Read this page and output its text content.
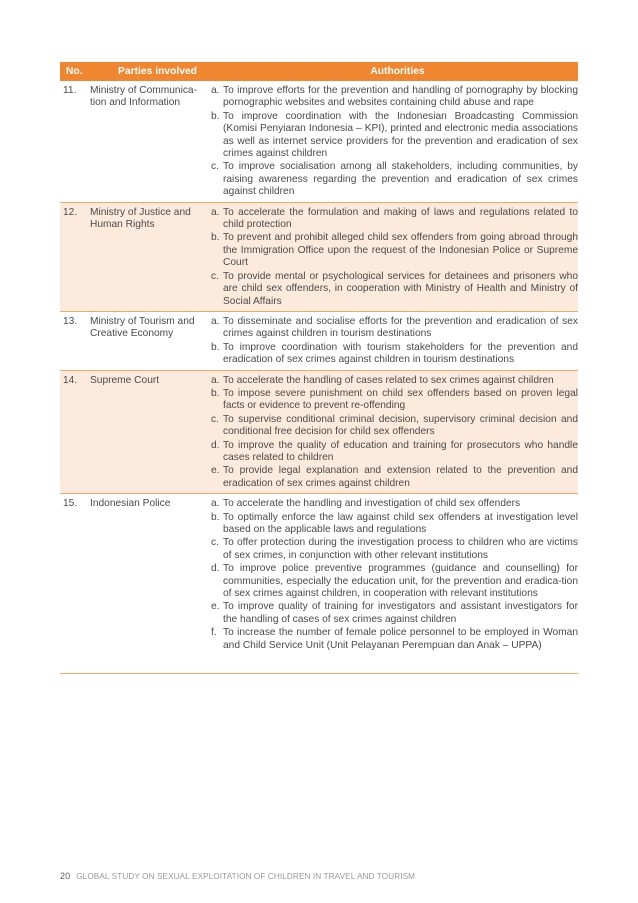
No.	Parties involved	Authorities
11.	Ministry of Communica-tion and Information
a. To improve efforts for the prevention and handling of pornography by blocking pornographic websites and websites containing child abuse and rape
b. To improve coordination with the Indonesian Broadcasting Commission (Komisi Penyiaran Indonesia – KPI), printed and electronic media associations as well as internet service providers for the prevention and eradication of sex crimes against children
c. To improve socialisation among all stakeholders, including communities, by raising awareness regarding the prevention and eradication of sex crimes against children
12.	Ministry of Justice and Human Rights
a. To accelerate the formulation and making of laws and regulations related to child protection
b. To prevent and prohibit alleged child sex offenders from going abroad through the Immigration Office upon the request of the Indonesian Police or Supreme Court
c. To provide mental or psychological services for detainees and prisoners who are child sex offenders, in cooperation with Ministry of Health and Ministry of Social Affairs
13.	Ministry of Tourism and Creative Economy
a. To disseminate and socialise efforts for the prevention and eradication of sex crimes against children in tourism destinations
b. To improve coordination with tourism stakeholders for the prevention and eradication of sex crimes against children in tourism destinations
14.	Supreme Court	a. To accelerate the handling of cases related to sex crimes against children
b. To impose severe punishment on child sex offenders based on proven legal facts or evidence to prevent re-offending
c. To supervise conditional criminal decision, supervisory criminal decision and conditional free decision for child sex offenders
d. To improve the quality of education and training for prosecutors who handle cases related to children
e. To provide legal explanation and extension related to the prevention and eradication of sex crimes against children
15.	Indonesian Police	a. To accelerate the handling and investigation of child sex offenders
b. To optimally enforce the law against child sex offenders at investigation level based on the applicable laws and regulations
c. To offer protection during the investigation process to children who are victims of sex crimes, in conjunction with other relevant institutions
d. To improve police preventive programmes (guidance and counselling) for communities, especially the education unit, for the prevention and eradica-tion of sex crimes against children, in cooperation with relevant institutions
e. To improve quality of training for investigators and assistant investigators for the handling of cases of sex crimes against children
f. To increase the number of female police personnel to be employed in Woman and Child Service Unit (Unit Pelayanan Perempuan dan Anak – UPPA)
20 GLOBAL STUDY ON SEXUAL EXPLOITATION OF CHILDREN IN TRAVEL AND TOURISM
